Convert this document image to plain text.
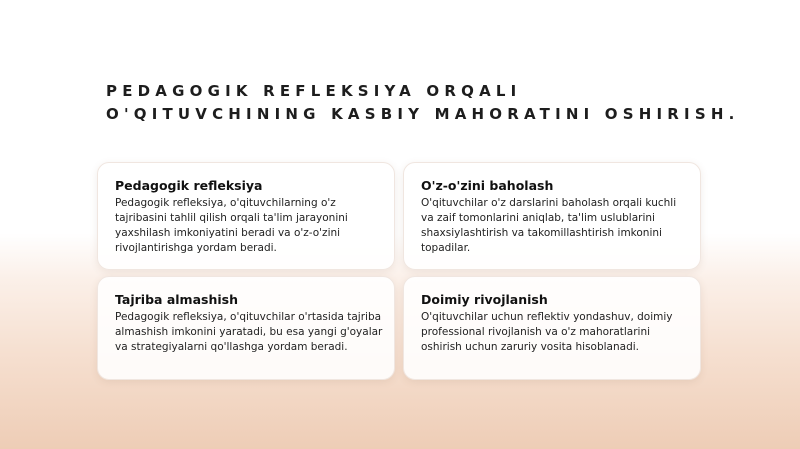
PEDAGOGIK REFLEKSIYA ORQALI
O'QITUVCHINING KASBIY MAHORATINI OSHIRISH.
Pedagogik refleksiya

Pedagogik refleksiya, o'qituvchilarning o'z tajribasini tahlil qilish orqali ta'lim jarayonini yaxshilash imkoniyatini beradi va o'z-o'zini rivojlantirishga yordam beradi.

O'z-o'zini baholash

O'qituvchilar o'z darslarini baholash orqali kuchli va zaif tomonlarini aniqlab, ta'lim uslublarini shaxsiylashtirish va takomillashtirish imkonini topadilar.

Tajriba almashish

Pedagogik refleksiya, o'qituvchilar o'rtasida tajriba almashish imkonini yaratadi, bu esa yangi g'oyalar va strategiyalarni qo'llashga yordam beradi.

Doimiy rivojlanish

O'qituvchilar uchun reflektiv yondashuv, doimiy professional rivojlanish va o'z mahoratlarini oshirish uchun zaruriy vosita hisoblanadi.
